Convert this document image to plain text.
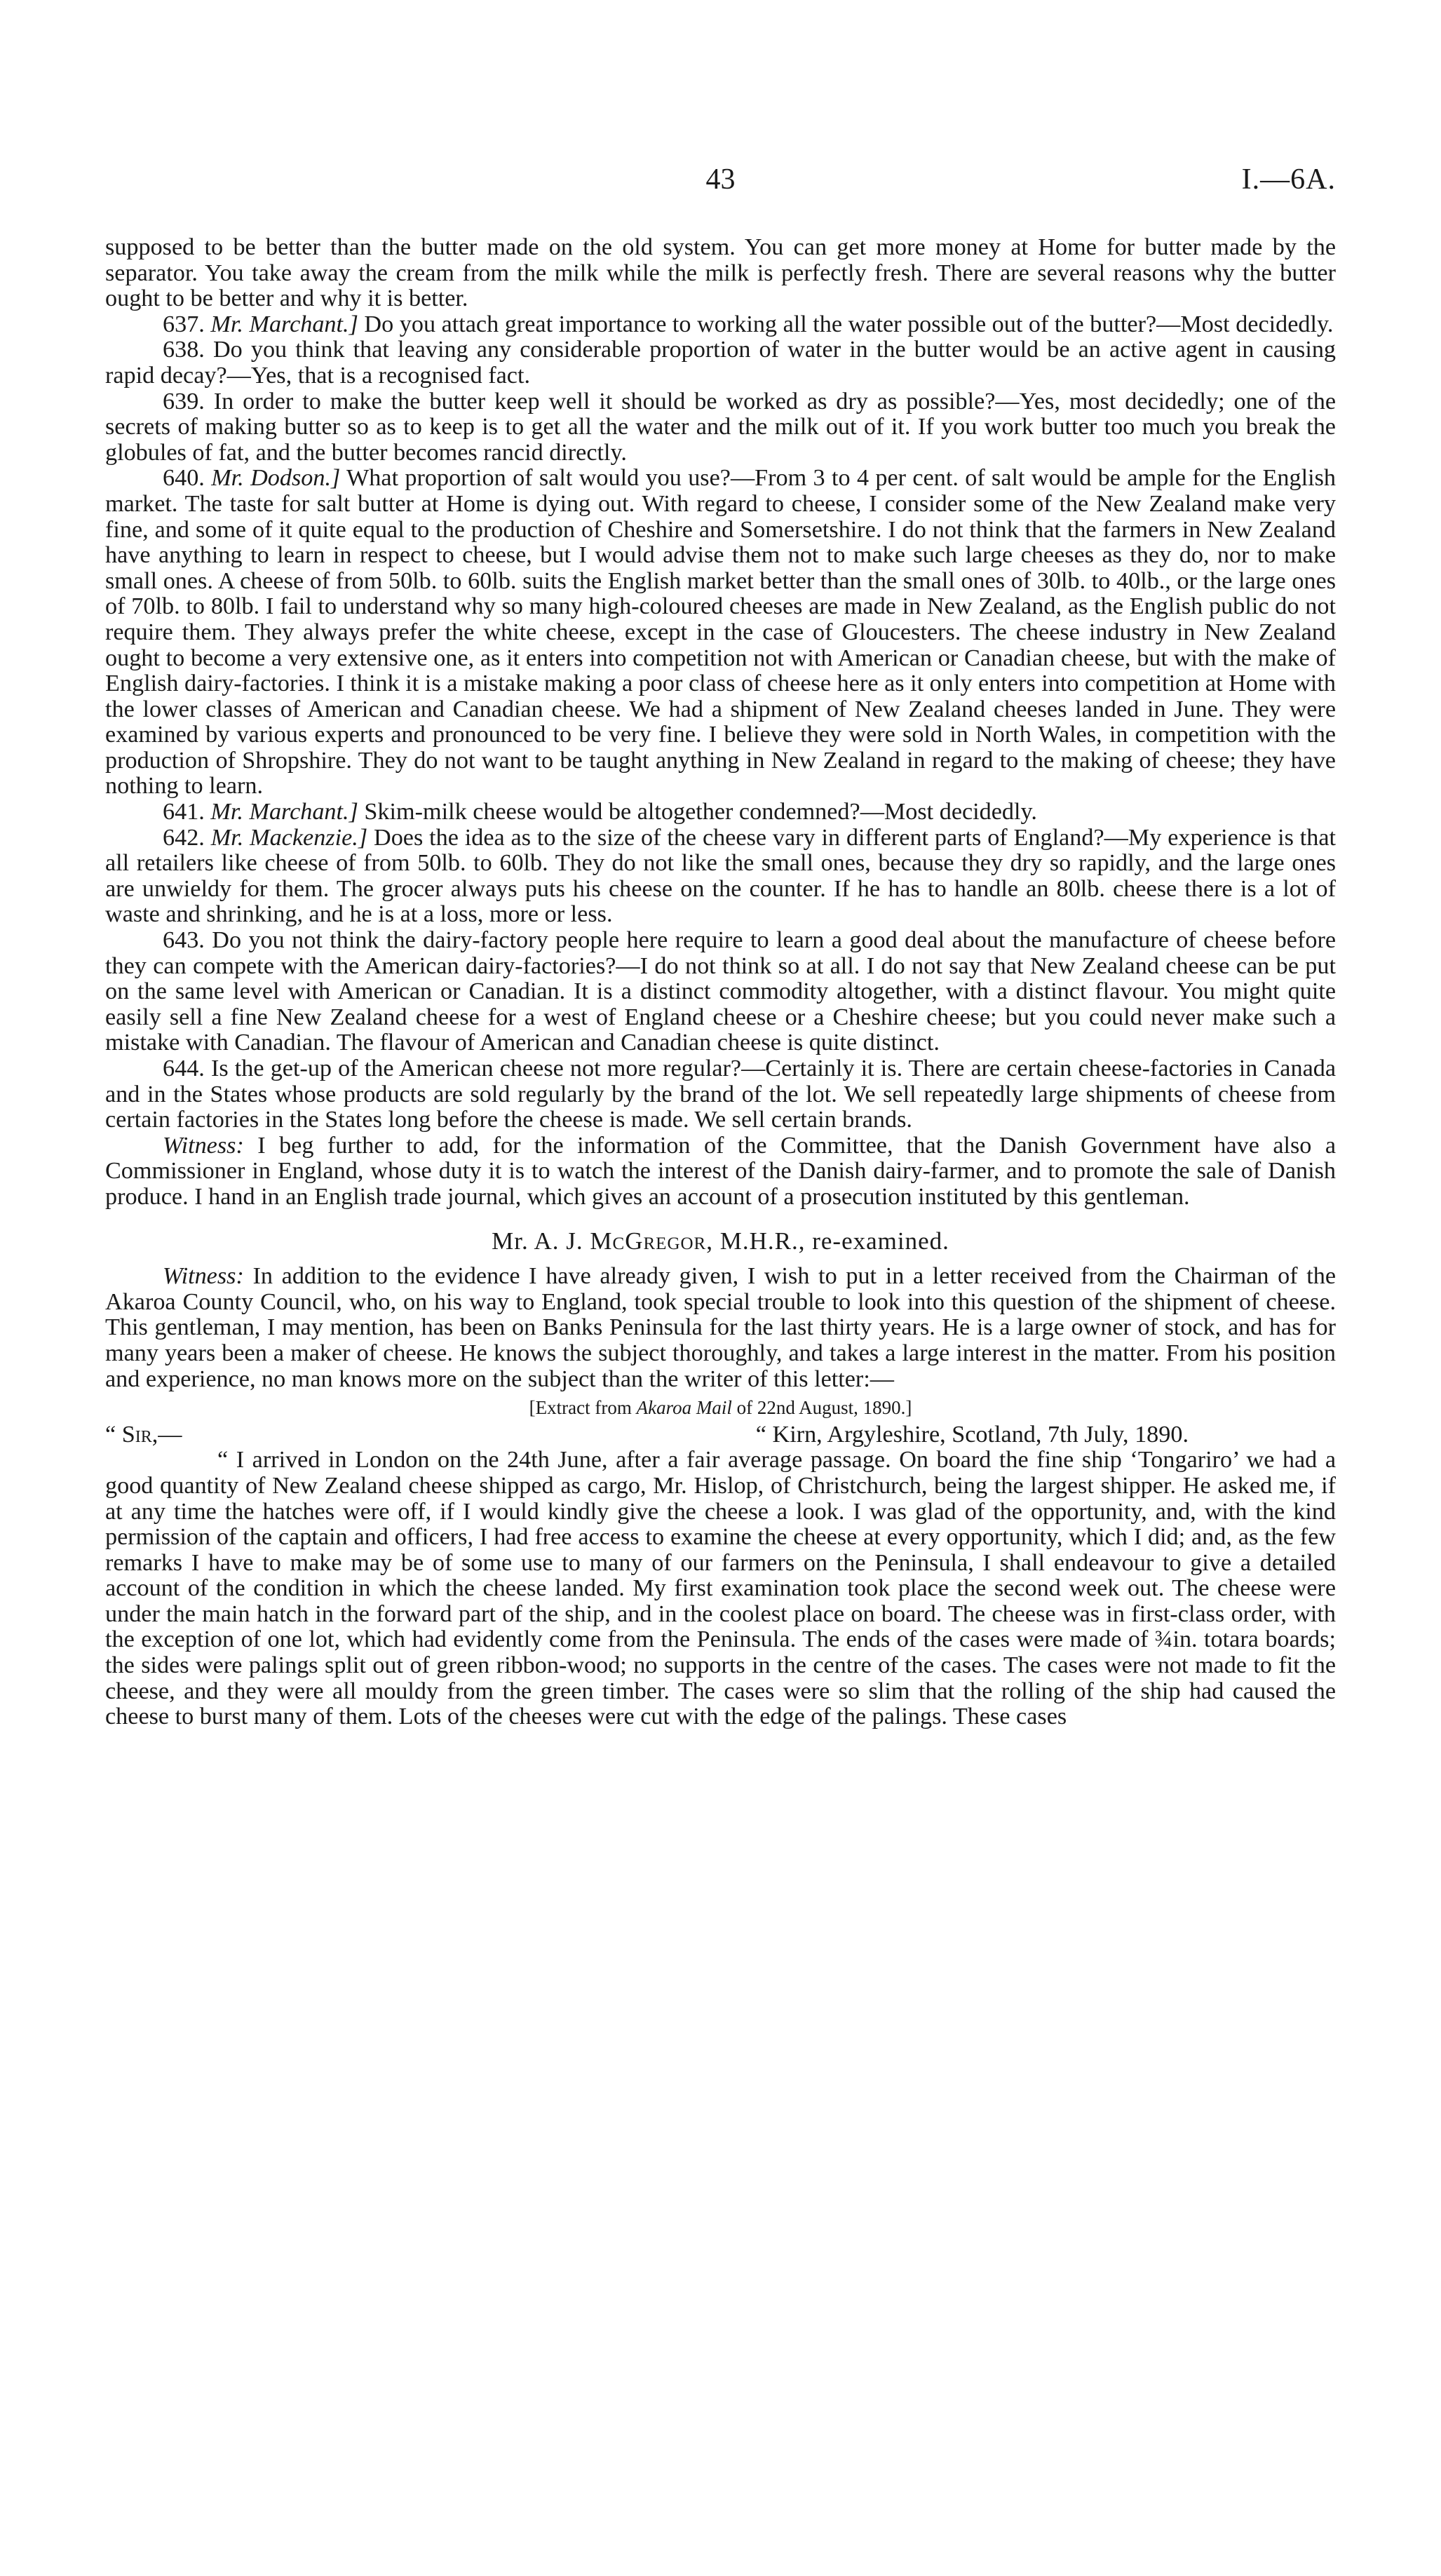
43	I.—6A.

supposed to be better than the butter made on the old system. You can get more money at Home for butter made by the separator. You take away the cream from the milk while the milk is perfectly fresh. There are several reasons why the butter ought to be better and why it is better.

637. Mr. Marchant.] Do you attach great importance to working all the water possible out of the butter?—Most decidedly.

638. Do you think that leaving any considerable proportion of water in the butter would be an active agent in causing rapid decay?—Yes, that is a recognised fact.

639. In order to make the butter keep well it should be worked as dry as possible?—Yes, most decidedly; one of the secrets of making butter so as to keep is to get all the water and the milk out of it. If you work butter too much you break the globules of fat, and the butter becomes rancid directly.

640. Mr. Dodson.] What proportion of salt would you use?—From 3 to 4 per cent. of salt would be ample for the English market. The taste for salt butter at Home is dying out. With regard to cheese, I consider some of the New Zealand make very fine, and some of it quite equal to the production of Cheshire and Somersetshire. I do not think that the farmers in New Zealand have anything to learn in respect to cheese, but I would advise them not to make such large cheeses as they do, nor to make small ones. A cheese of from 50lb. to 60lb. suits the English market better than the small ones of 30lb. to 40lb., or the large ones of 70lb. to 80lb. I fail to understand why so many high-coloured cheeses are made in New Zealand, as the English public do not require them. They always prefer the white cheese, except in the case of Gloucesters. The cheese industry in New Zealand ought to become a very extensive one, as it enters into competition not with American or Canadian cheese, but with the make of English dairy-factories. I think it is a mistake making a poor class of cheese here as it only enters into competition at Home with the lower classes of American and Canadian cheese. We had a shipment of New Zealand cheeses landed in June. They were examined by various experts and pronounced to be very fine. I believe they were sold in North Wales, in competition with the production of Shropshire. They do not want to be taught anything in New Zealand in regard to the making of cheese; they have nothing to learn.

641. Mr. Marchant.] Skim-milk cheese would be altogether condemned?—Most decidedly.

642. Mr. Mackenzie.] Does the idea as to the size of the cheese vary in different parts of England?—My experience is that all retailers like cheese of from 50lb. to 60lb. They do not like the small ones, because they dry so rapidly, and the large ones are unwieldy for them. The grocer always puts his cheese on the counter. If he has to handle an 80lb. cheese there is a lot of waste and shrinking, and he is at a loss, more or less.

643. Do you not think the dairy-factory people here require to learn a good deal about the manufacture of cheese before they can compete with the American dairy-factories?—I do not think so at all. I do not say that New Zealand cheese can be put on the same level with American or Canadian. It is a distinct commodity altogether, with a distinct flavour. You might quite easily sell a fine New Zealand cheese for a west of England cheese or a Cheshire cheese; but you could never make such a mistake with Canadian. The flavour of American and Canadian cheese is quite distinct.

644. Is the get-up of the American cheese not more regular?—Certainly it is. There are certain cheese-factories in Canada and in the States whose products are sold regularly by the brand of the lot. We sell repeatedly large shipments of cheese from certain factories in the States long before the cheese is made. We sell certain brands.

Witness: I beg further to add, for the information of the Committee, that the Danish Government have also a Commissioner in England, whose duty it is to watch the interest of the Danish dairy-farmer, and to promote the sale of Danish produce. I hand in an English trade journal, which gives an account of a prosecution instituted by this gentleman.

Mr. A. J. McGregor, M.H.R., re-examined.

Witness: In addition to the evidence I have already given, I wish to put in a letter received from the Chairman of the Akaroa County Council, who, on his way to England, took special trouble to look into this question of the shipment of cheese. This gentleman, I may mention, has been on Banks Peninsula for the last thirty years. He is a large owner of stock, and has for many years been a maker of cheese. He knows the subject thoroughly, and takes a large interest in the matter. From his position and experience, no man knows more on the subject than the writer of this letter:—

[Extract from Akaroa Mail of 22nd August, 1890.]

“ Sir,—	“ Kirn, Argyleshire, Scotland, 7th July, 1890.

“ I arrived in London on the 24th June, after a fair average passage. On board the fine ship ‘Tongariro’ we had a good quantity of New Zealand cheese shipped as cargo, Mr. Hislop, of Christchurch, being the largest shipper. He asked me, if at any time the hatches were off, if I would kindly give the cheese a look. I was glad of the opportunity, and, with the kind permission of the captain and officers, I had free access to examine the cheese at every opportunity, which I did; and, as the few remarks I have to make may be of some use to many of our farmers on the Peninsula, I shall endeavour to give a detailed account of the condition in which the cheese landed. My first examination took place the second week out. The cheese were under the main hatch in the forward part of the ship, and in the coolest place on board. The cheese was in first-class order, with the exception of one lot, which had evidently come from the Peninsula. The ends of the cases were made of ¾in. totara boards; the sides were palings split out of green ribbon-wood; no supports in the centre of the cases. The cases were not made to fit the cheese, and they were all mouldy from the green timber. The cases were so slim that the rolling of the ship had caused the cheese to burst many of them. Lots of the cheeses were cut with the edge of the palings. These cases
